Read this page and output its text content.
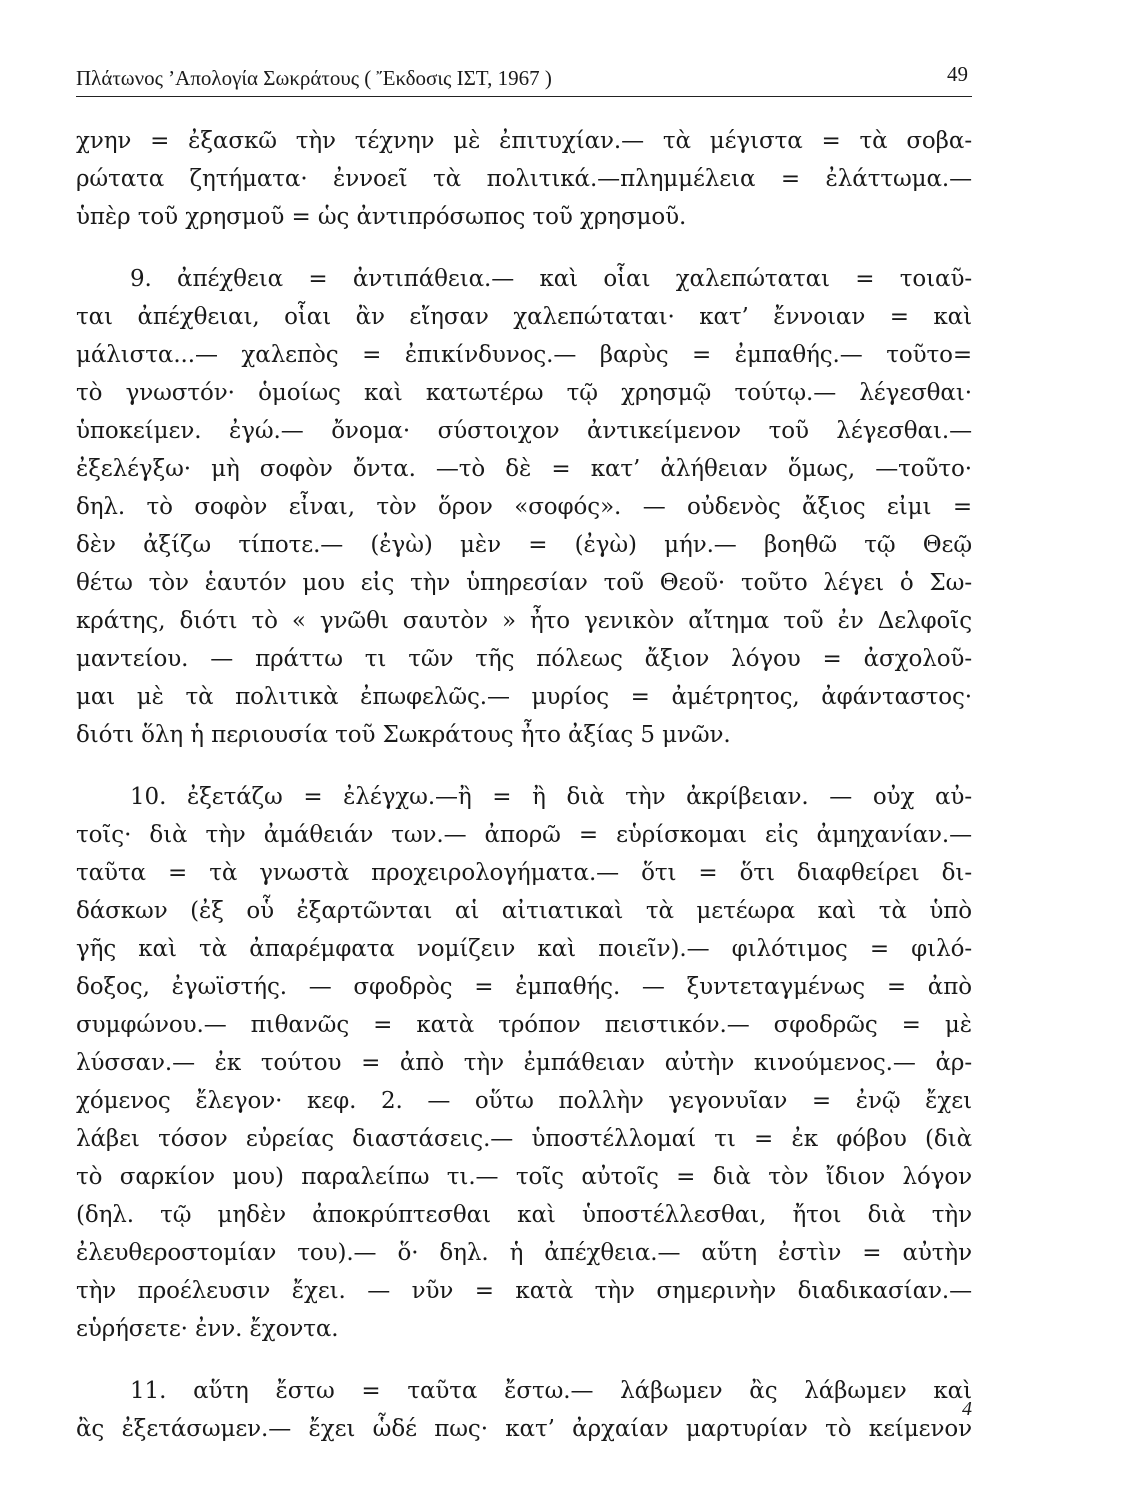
Πλάτωνος ’Απολογία Σωκράτους ( Ἔκδοσις ΙΣΤ, 1967 )	49
χνην = ἐξασκῶ τὴν τέχνην μὲ ἐπιτυχίαν.— τὰ μέγιστα = τὰ σοβα-
ρώτατα ζητήματα· ἐννοεῖ τὰ πολιτικά.—πλημμέλεια = ἐλάττωμα.—
ὑπὲρ τοῦ χρησμοῦ = ὡς ἀντιπρόσωπος τοῦ χρησμοῦ.
9. ἀπέχθεια = ἀντιπάθεια.— καὶ οἷαι χαλεπώταται = τοιαῦ-
ται ἀπέχθειαι, οἷαι ἂν εἴησαν χαλεπώταται· κατ’ ἔννοιαν = καὶ
μάλιστα...— χαλεπὸς = ἐπικίνδυνος.— βαρὺς = ἐμπαθής.— τοῦτο=
τὸ γνωστόν· ὁμοίως καὶ κατωτέρω τῷ χρησμῷ τούτῳ.— λέγεσθαι·
ὑποκείμεν. ἐγώ.— ὄνομα· σύστοιχον ἀντικείμενον τοῦ λέγεσθαι.—
ἐξελέγξω· μὴ σοφὸν ὄντα. —τὸ δὲ = κατ’ ἀλήθειαν ὅμως, —τοῦτο·
δηλ. τὸ σοφὸν εἶναι, τὸν ὅρον «σοφός». — οὐδενὸς ἄξιος εἰμι =
δὲν ἀξίζω τίποτε.— (ἐγὼ) μὲν = (ἐγὼ) μήν.— βοηθῶ τῷ Θεῷ
θέτω τὸν ἑαυτόν μου εἰς τὴν ὑπηρεσίαν τοῦ Θεοῦ· τοῦτο λέγει ὁ Σω-
κράτης, διότι τὸ « γνῶθι σαυτὸν » ἦτο γενικὸν αἴτημα τοῦ ἐν Δελφοῖς
μαντείου. — πράττω τι τῶν τῆς πόλεως ἄξιον λόγου = ἀσχολοῦ-
μαι μὲ τὰ πολιτικὰ ἐπωφελῶς.— μυρίος = ἀμέτρητος, ἀφάνταστος·
διότι ὅλη ἡ περιουσία τοῦ Σωκράτους ἦτο ἀξίας 5 μνῶν.
10. ἐξετάζω = ἐλέγχω.—ἢ = ἢ διὰ τὴν ἀκρίβειαν. — οὐχ αὐ-
τοῖς· διὰ τὴν ἀμάθειάν των.— ἀπορῶ = εὑρίσκομαι εἰς ἀμηχανίαν.—
ταῦτα = τὰ γνωστὰ προχειρολογήματα.— ὅτι = ὅτι διαφθείρει δι-
δάσκων (ἐξ οὗ ἐξαρτῶνται αἱ αἰτιατικαὶ τὰ μετέωρα καὶ τὰ ὑπὸ
γῆς καὶ τὰ ἀπαρέμφατα νομίζειν καὶ ποιεῖν).— φιλότιμος = φιλό-
δοξος, ἐγωϊστής. — σφοδρὸς = ἐμπαθής. — ξυντεταγμένως = ἀπὸ
συμφώνου.— πιθανῶς = κατὰ τρόπον πειστικόν.— σφοδρῶς = μὲ
λύσσαν.— ἐκ τούτου = ἀπὸ τὴν ἐμπάθειαν αὐτὴν κινούμενος.— ἀρ-
χόμενος ἔλεγον· κεφ. 2. — οὕτω πολλὴν γεγονυῖαν = ἐνῷ ἔχει
λάβει τόσον εὐρείας διαστάσεις.— ὑποστέλλομαί τι = ἐκ φόβου (διὰ
τὸ σαρκίον μου) παραλείπω τι.— τοῖς αὐτοῖς = διὰ τὸν ἴδιον λόγον
(δηλ. τῷ μηδὲν ἀποκρύπτεσθαι καὶ ὑποστέλλεσθαι, ἤτοι διὰ τὴν
ἐλευθεροστομίαν του).— ὅ· δηλ. ἡ ἀπέχθεια.— αὕτη ἐστὶν = αὐτὴν
τὴν προέλευσιν ἔχει. — νῦν = κατὰ τὴν σημερινὴν διαδικασίαν.—
εὑρήσετε· ἐνν. ἔχοντα.
11. αὕτη ἔστω = ταῦτα ἔστω.— λάβωμεν ἂς λάβωμεν καὶ
ἂς ἐξετάσωμεν.— ἔχει ὧδέ πως· κατ’ ἀρχαίαν μαρτυρίαν τὸ κείμενον
4
